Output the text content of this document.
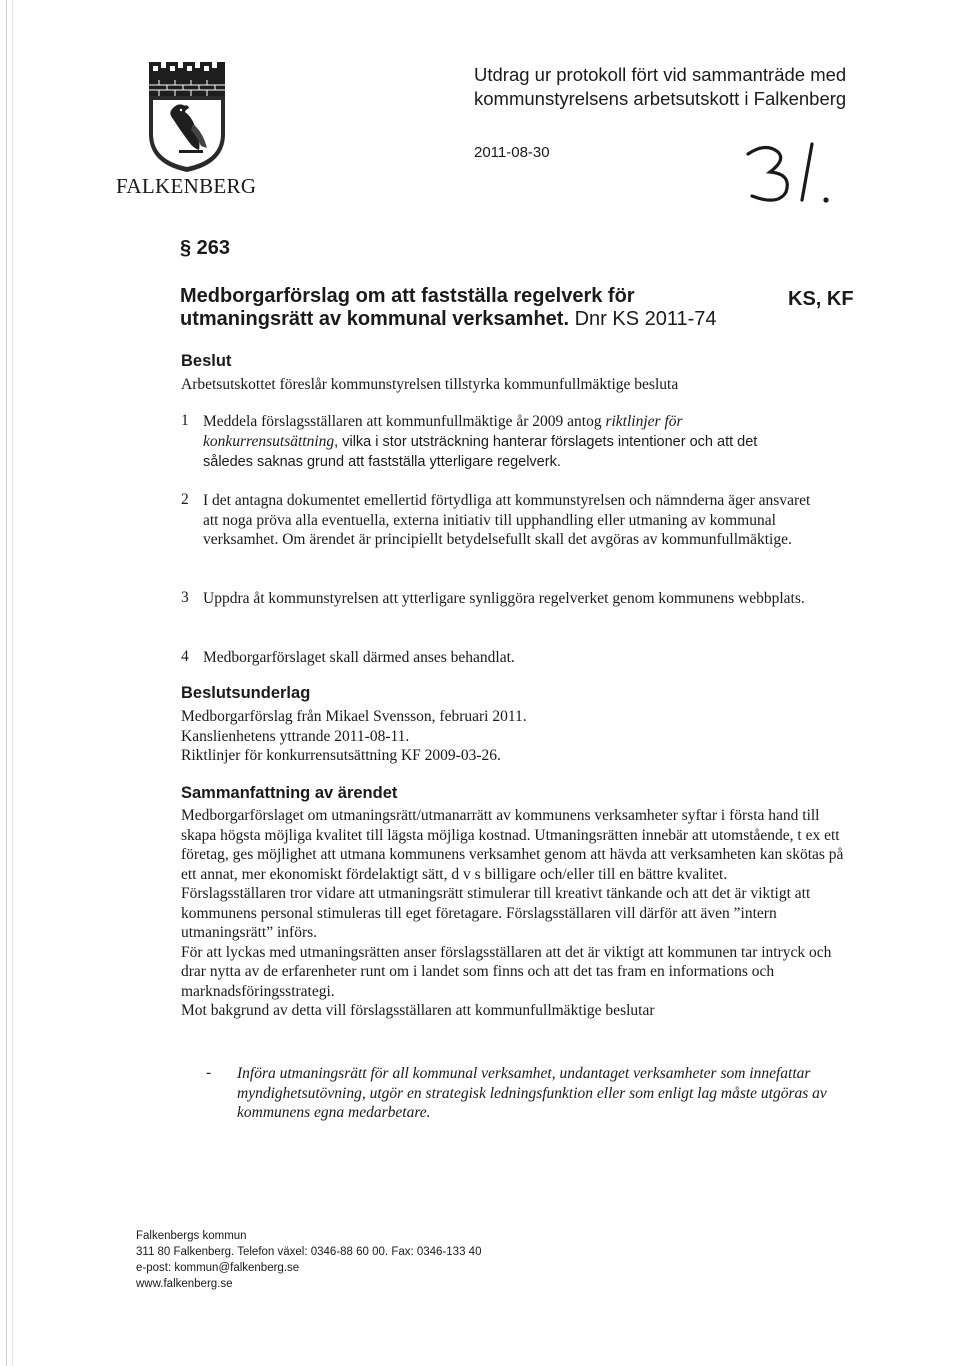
FALKENBERG
Utdrag ur protokoll fört vid sammanträde med
kommunstyrelsens arbetsutskott i Falkenberg
2011-08-30
31.
§ 263
Medborgarförslag om att fastställa regelverk för
utmaningsrätt av kommunal verksamhet. Dnr KS 2011-74
KS, KF
Beslut
Arbetsutskottet föreslår kommunstyrelsen tillstyrka kommunfullmäktige besluta
1 Meddela förslagsställaren att kommunfullmäktige år 2009 antog riktlinjer för
konkurrensutsättning, vilka i stor utsträckning hanterar förslagets intentioner och att det
således saknas grund att fastställa ytterligare regelverk.
2 I det antagna dokumentet emellertid förtydliga att kommunstyrelsen och nämnderna äger ansvaret att noga pröva alla eventuella, externa initiativ till upphandling eller utmaning av kommunal verksamhet. Om ärendet är principiellt betydelsefullt skall det avgöras av kommunfullmäktige.
3 Uppdra åt kommunstyrelsen att ytterligare synliggöra regelverket genom kommunens webbplats.
4 Medborgarförslaget skall därmed anses behandlat.
Beslutsunderlag
Medborgarförslag från Mikael Svensson, februari 2011.
Kanslienhetens yttrande 2011-08-11.
Riktlinjer för konkurrensutsättning KF 2009-03-26.
Sammanfattning av ärendet

Medborgarförslaget om utmaningsrätt/utmanarrätt av kommunens verksamheter syftar i första hand till skapa högsta möjliga kvalitet till lägsta möjliga kostnad. Utmaningsrätten innebär att utomstående, t ex ett företag, ges möjlighet att utmana kommunens verksamhet genom att hävda att verksamheten kan skötas på ett annat, mer ekonomiskt fördelaktigt sätt, d v s billigare och/eller till en bättre kvalitet.

Förslagsställaren tror vidare att utmaningsrätt stimulerar till kreativt tänkande och att det är viktigt att kommunens personal stimuleras till eget företagare. Förslagsställaren vill därför att även ”intern utmaningsrätt” införs.

För att lyckas med utmaningsrätten anser förslagsställaren att det är viktigt att kommunen tar intryck och drar nytta av de erfarenheter runt om i landet som finns och att det tas fram en informations och marknadsföringsstrategi.

Mot bakgrund av detta vill förslagsställaren att kommunfullmäktige beslutar

- Införa utmaningsrätt för all kommunal verksamhet, undantaget verksamheter som innefattar myndighetsutövning, utgör en strategisk ledningsfunktion eller som enligt lag måste utgöras av kommunens egna medarbetare.
Falkenbergs kommun
311 80 Falkenberg. Telefon växel: 0346-88 60 00. Fax: 0346-133 40
e-post: kommun@falkenberg.se
www.falkenberg.se
